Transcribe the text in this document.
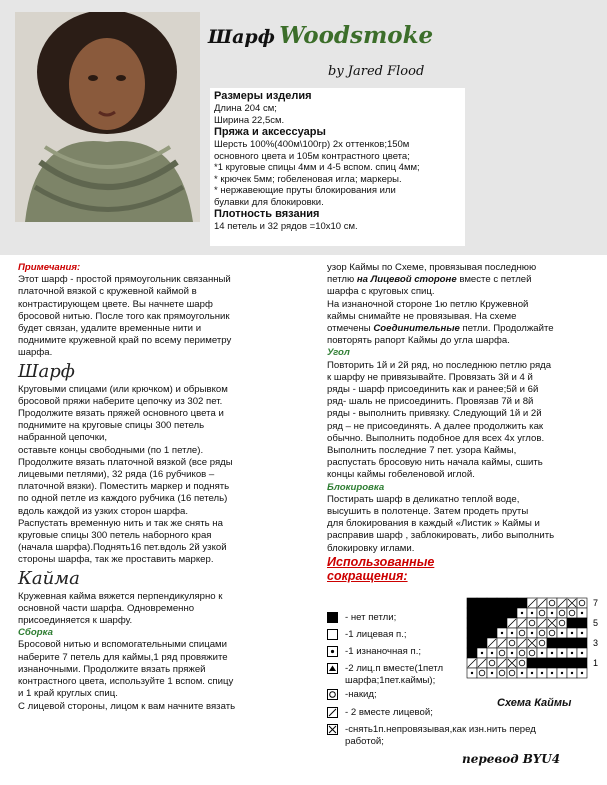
Шарф Woodsmoke
by Jared Flood
Размеры изделия
Длина 204 см;
Ширина 22,5см.
Пряжа и аксессуары
Шерсть 100%(400м\100гр) 2х оттенков;150м
основного цвета и 105м контрастного цвета;
*1 круговые спицы 4мм и 4-5 вспом. спиц 4мм;
* крючек 5мм; гобеленовая игла; маркеры.
* нержавеющие пруты блокирования или
булавки для блокировки.
Плотность вязания
14 петель и 32 рядов =10х10 см.
Примечания:

Этот шарф - простой прямоугольник связанный

платочной вязкой с кружевной каймой в

контрастирующем цвете. Вы начнете шарф

бросовой нитью. После того как прямоугольник

будет связан, удалите временные нити и

поднимите кружевной край по всему периметру

шарфа.

Шарф

Круговыми спицами (или крючком) и обрывком

бросовой пряжи наберите цепочку из 302 пет.

Продолжите вязать пряжей основного цвета и

поднимите на круговые спицы 300 петель

набранной цепочки,

оставьте концы свободными (по 1 петле).

Продолжите вязать платочной вязкой (все ряды

лицевыми петлями), 32 ряда (16 рубчиков –

платочной вязки). Поместить маркер и поднять

по одной петле из каждого рубчика (16 петель)

вдоль каждой из узких сторон шарфа.

Распустать временную нить и так же снять на

круговые спицы 300 петель наборного края

(начала шарфа).Поднять16 пет.вдоль 2й узкой

стороны шарфа, так же проставить маркер.

Кайма

Кружевная кайма вяжется перпендикулярно к

основной части шарфа. Одновременно

присоединяется к шарфу.

Сборка

Бросовой нитью и вспомогательными спицами

наберите 7 петель для каймы,1 ряд провяжите

изнаночными. Продолжите вязать пряжей

контрастного цвета, используйте 1 вспом. спицу

и 1 край круглых спиц.

С лицевой стороны, лицом к вам начните вязать

узор Каймы по Схеме, провязывая последнюю

петлю на Лицевой стороне вместе с петлей

шарфа с круговых спиц.

На изнаночной стороне 1ю петлю Кружевной

каймы снимайте не провязывая. На схеме

отмечены Соединительные петли. Продолжайте

повторять рапорт Каймы до угла шарфа.

Угол

Повторить 1й и 2й ряд, но последнюю петлю ряда

к шарфу не привязывайте. Провязать 3й и 4 й

ряды - шарф присоединить как и ранее;5й и 6й

ряд- шаль не присоединить. Провязав 7й и 8й

ряды - выполнить привязку. Следующий 1й и 2й

ряд – не присоединять. А далее продолжить как

обычно. Выполнить подобное для всех 4х углов.

Выполнить последние 7 пет. узора Каймы,

распустать бросовую нить начала каймы, сшить

концы каймы гобеленовой иглой.

Блокировка

Постирать шарф в деликатно теплой воде,

высушить в полотенце. Затем продеть пруты

для блокирования в каждый «Листик » Каймы и

расправив шарф , заблокировать, либо выполнить

блокировку иглами.

Использованные
сокращения:
- нет петли;
-1 лицевая п.;
-1 изнаночная п.;
-2 лиц.п вместе(1петл
шарфа;1пет.каймы);
-накид;
- 2 вместе лицевой;
-снять1п.непровязывая,как изн.нить перед
работой;
7
5
3
1
Схема Каймы
перевод BYU4
